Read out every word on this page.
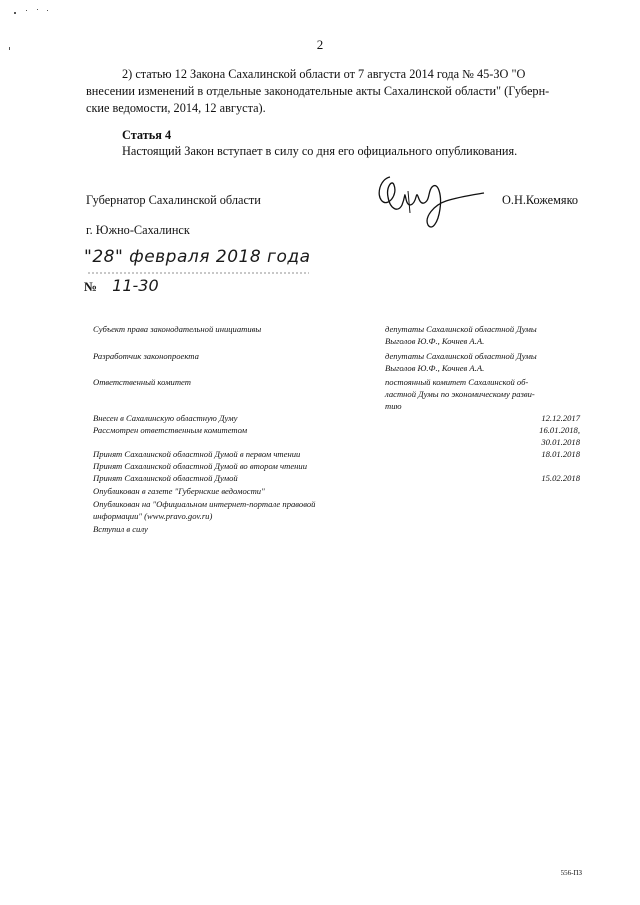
2
2) статью 12 Закона Сахалинской области от 7 августа 2014 года № 45-ЗО "О
внесении изменений в отдельные законодательные акты Сахалинской области" (Губерн-
ские ведомости, 2014, 12 августа).
Статья 4
Настоящий Закон вступает в силу со дня его официального опубликования.
Губернатор Сахалинской области	О.Н.Кожемяко
г. Южно-Сахалинск
"28" февраля 2018 года
№ 11-30
Субъект права законодательной инициативы	депутаты Сахалинской областной Думы
Выголов Ю.Ф., Кочнев А.А.
Разработчик законопроекта	депутаты Сахалинской областной Думы
Выголов Ю.Ф., Кочнев А.А.
Ответственный комитет	постоянный комитет Сахалинской об-
ластной Думы по экономическому разви-
тию
Внесен в Сахалинскую областную Думу	12.12.2017
Рассмотрен ответственным комитетом	16.01.2018,
30.01.2018
Принят Сахалинской областной Думой в первом чтении	18.01.2018
Принят Сахалинской областной Думой во втором чтении
Принят Сахалинской областной Думой	15.02.2018
Опубликован в газете "Губернские ведомости"
Опубликован на "Официальном интернет-портале правовой
информации" (www.pravo.gov.ru)
Вступил в силу
556-ПЗ
